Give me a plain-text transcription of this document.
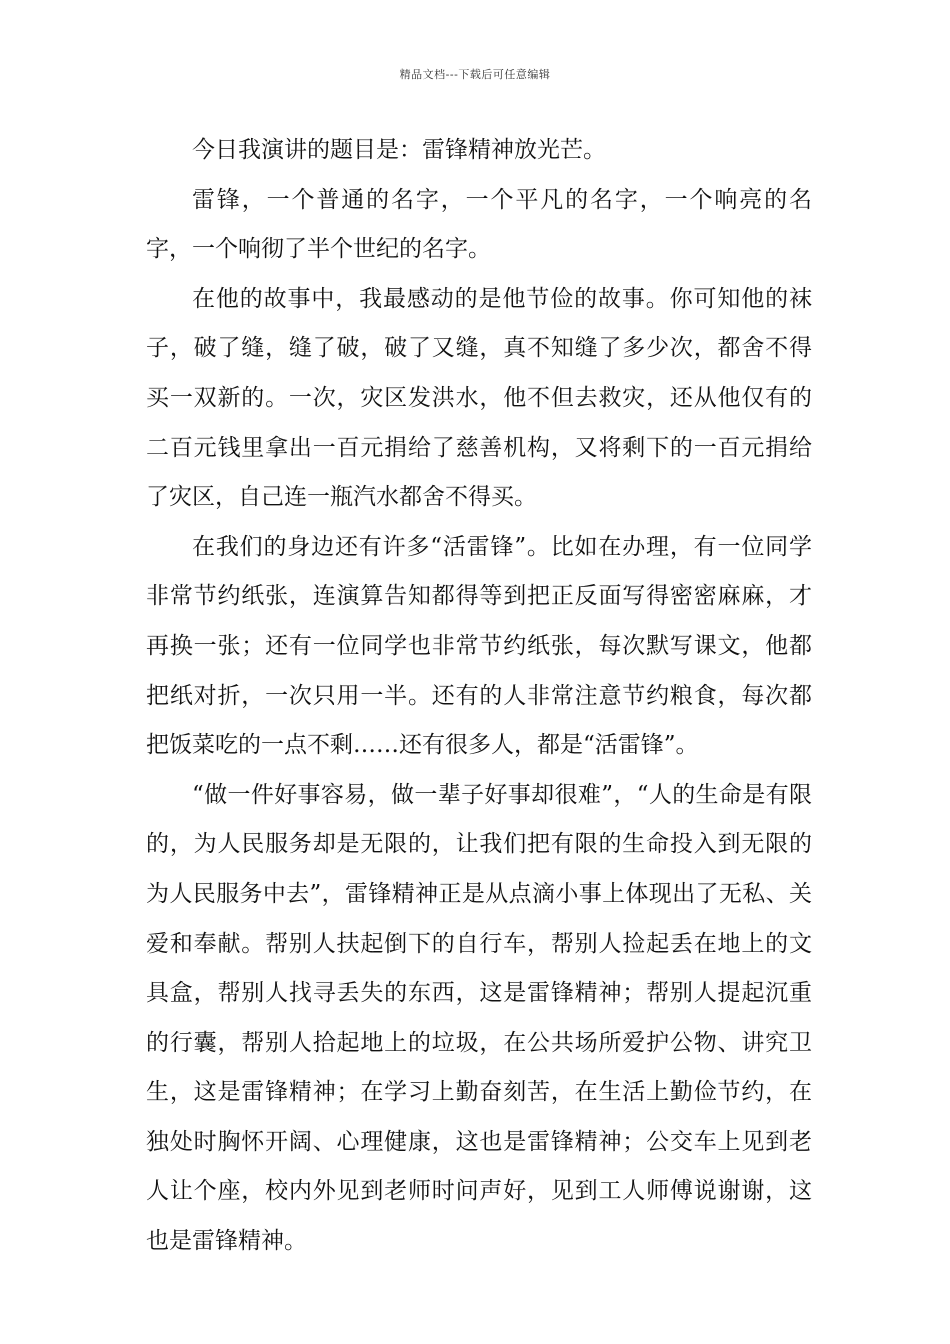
精品文档---下载后可任意编辑

今日我演讲的题目是：雷锋精神放光芒。

雷锋，一个普通的名字，一个平凡的名字，一个响亮的名字，一个响彻了半个世纪的名字。

在他的故事中，我最感动的是他节俭的故事。你可知他的袜子，破了缝，缝了破，破了又缝，真不知缝了多少次，都舍不得买一双新的。一次，灾区发洪水，他不但去救灾，还从他仅有的二百元钱里拿出一百元捐给了慈善机构，又将剩下的一百元捐给了灾区，自己连一瓶汽水都舍不得买。

在我们的身边还有许多“活雷锋”。比如在办理，有一位同学非常节约纸张，连演算告知都得等到把正反面写得密密麻麻，才再换一张；还有一位同学也非常节约纸张，每次默写课文，他都把纸对折，一次只用一半。还有的人非常注意节约粮食，每次都把饭菜吃的一点不剩……还有很多人，都是“活雷锋”。

“做一件好事容易，做一辈子好事却很难”，“人的生命是有限的，为人民服务却是无限的，让我们把有限的生命投入到无限的为人民服务中去”，雷锋精神正是从点滴小事上体现出了无私、关爱和奉献。帮别人扶起倒下的自行车，帮别人捡起丢在地上的文具盒，帮别人找寻丢失的东西，这是雷锋精神；帮别人提起沉重的行囊，帮别人拾起地上的垃圾，在公共场所爱护公物、讲究卫生，这是雷锋精神；在学习上勤奋刻苦，在生活上勤俭节约，在独处时胸怀开阔、心理健康，这也是雷锋精神；公交车上见到老人让个座，校内外见到老师时问声好，见到工人师傅说谢谢，这也是雷锋精神。
